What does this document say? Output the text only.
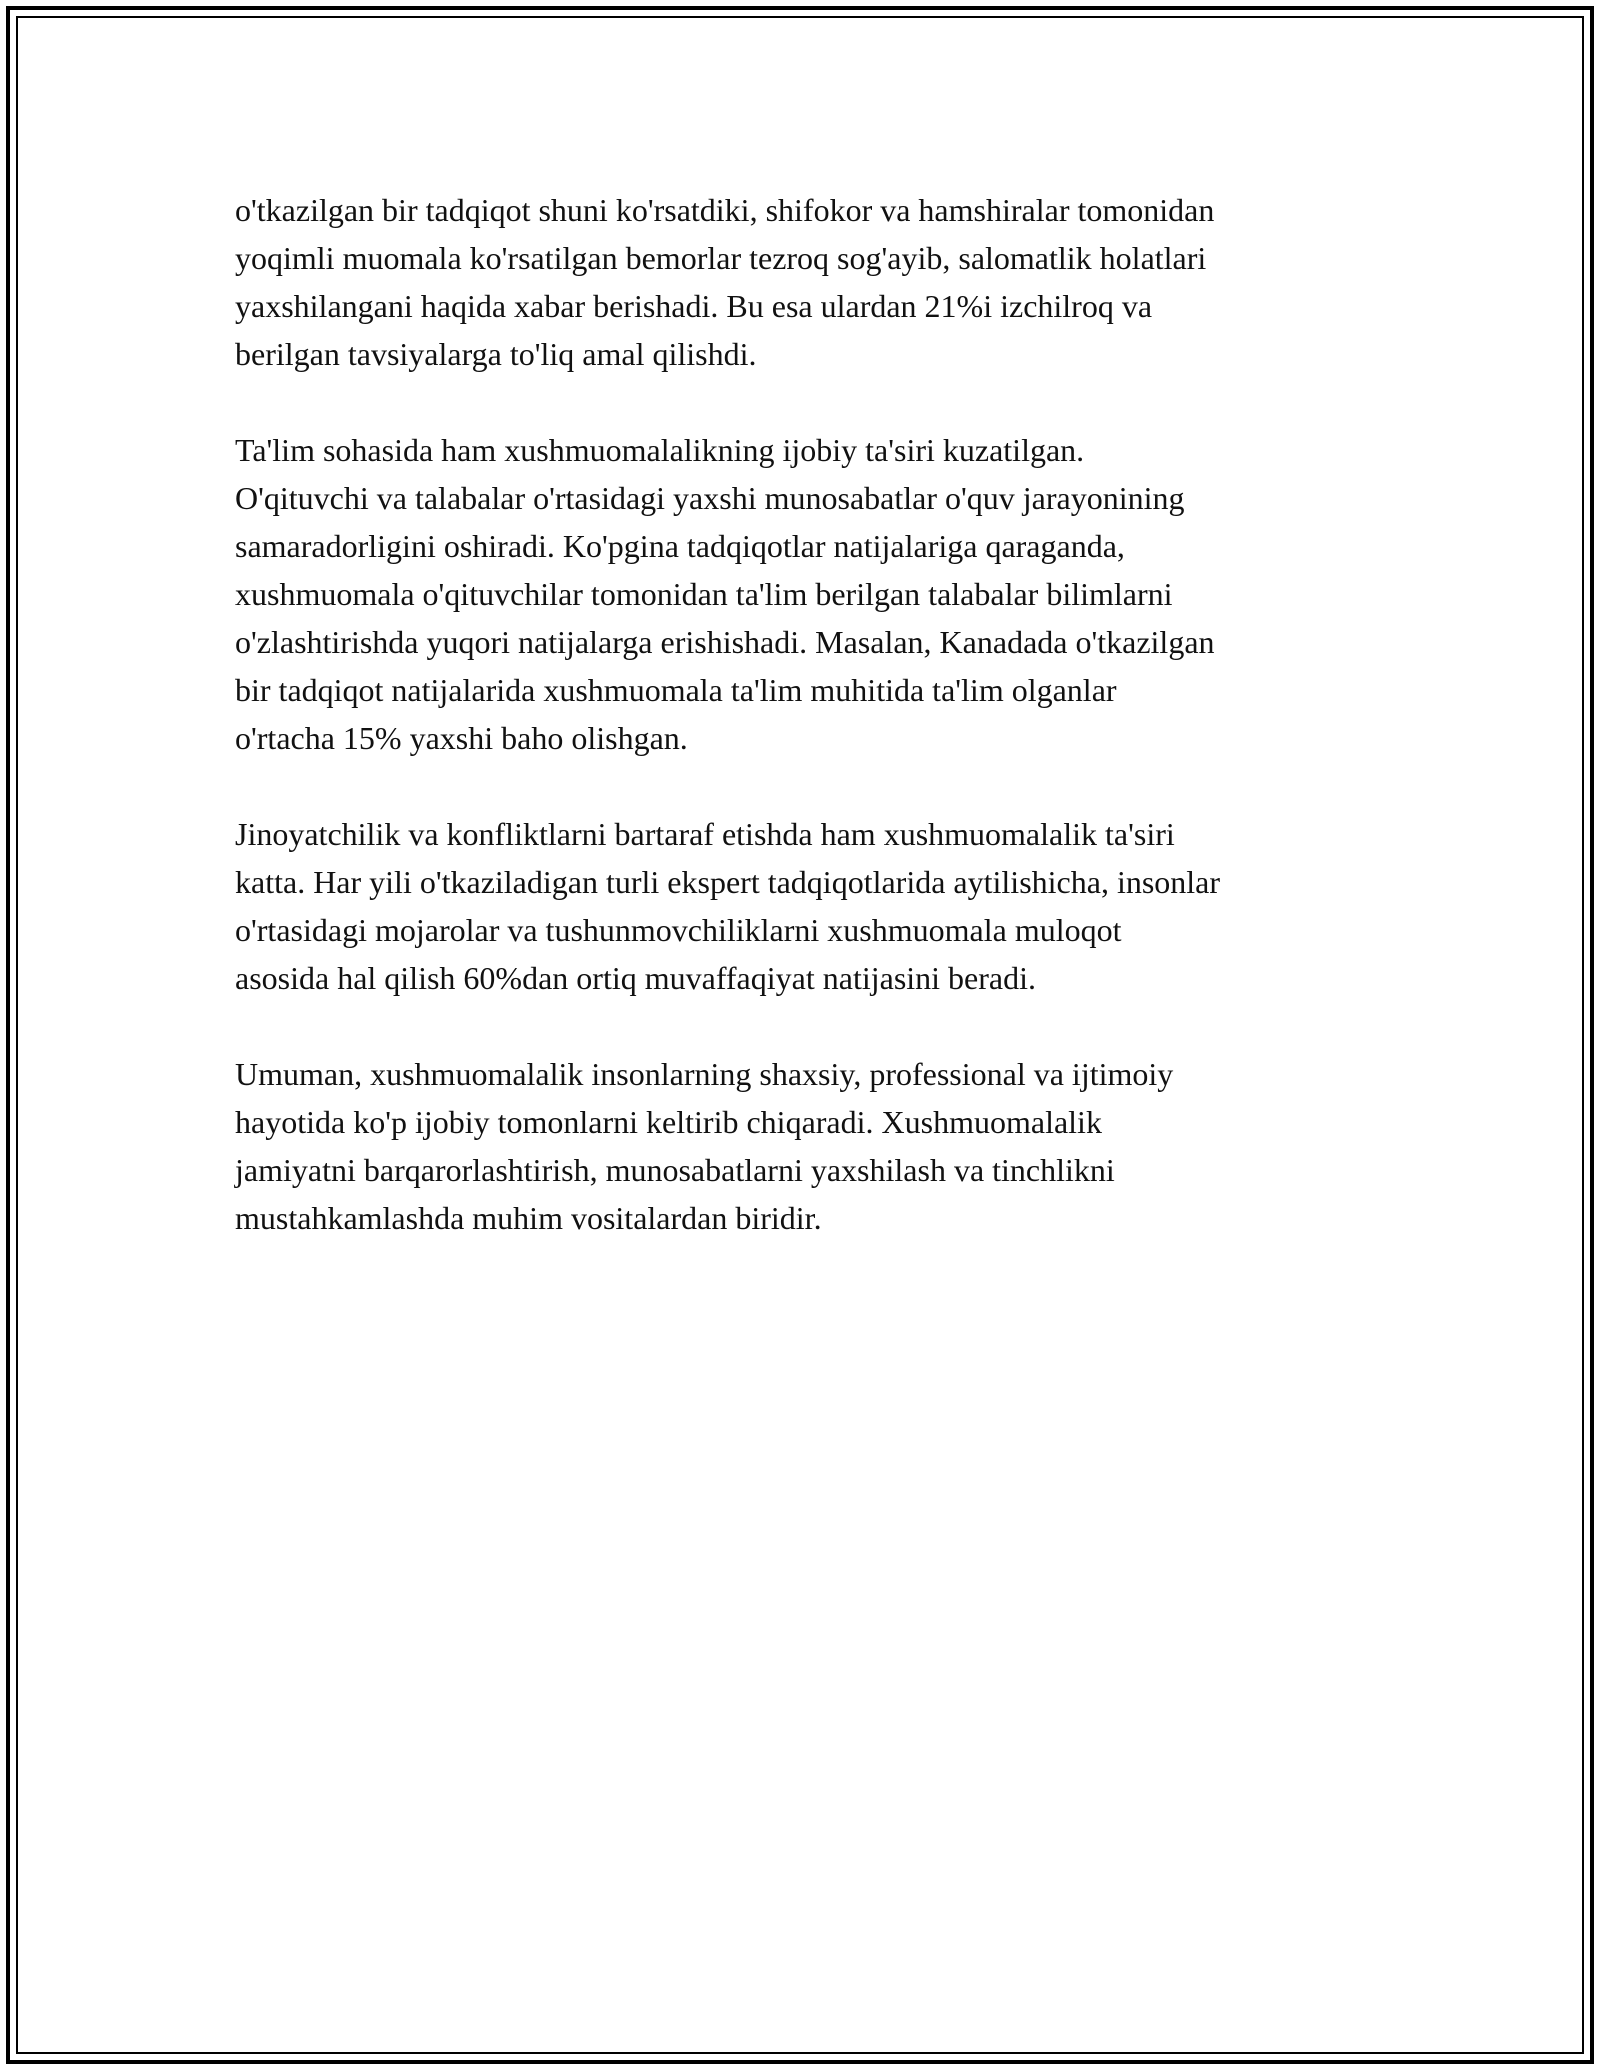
o'tkazilgan bir tadqiqot shuni ko'rsatdiki, shifokor va hamshiralar tomonidan
yoqimli muomala ko'rsatilgan bemorlar tezroq sog'ayib, salomatlik holatlari
yaxshilangani haqida xabar berishadi. Bu esa ulardan 21%i izchilroq va
berilgan tavsiyalarga to'liq amal qilishdi.

Ta'lim sohasida ham xushmuomalalikning ijobiy ta'siri kuzatilgan.
O'qituvchi va talabalar o'rtasidagi yaxshi munosabatlar o'quv jarayonining
samaradorligini oshiradi. Ko'pgina tadqiqotlar natijalariga qaraganda,
xushmuomala o'qituvchilar tomonidan ta'lim berilgan talabalar bilimlarni
o'zlashtirishda yuqori natijalarga erishishadi. Masalan, Kanadada o'tkazilgan
bir tadqiqot natijalarida xushmuomala ta'lim muhitida ta'lim olganlar
o'rtacha 15% yaxshi baho olishgan.

Jinoyatchilik va konfliktlarni bartaraf etishda ham xushmuomalalik ta'siri
katta. Har yili o'tkaziladigan turli ekspert tadqiqotlarida aytilishicha, insonlar
o'rtasidagi mojarolar va tushunmovchiliklarni xushmuomala muloqot
asosida hal qilish 60%dan ortiq muvaffaqiyat natijasini beradi.

Umuman, xushmuomalalik insonlarning shaxsiy, professional va ijtimoiy
hayotida ko'p ijobiy tomonlarni keltirib chiqaradi. Xushmuomalalik
jamiyatni barqarorlashtirish, munosabatlarni yaxshilash va tinchlikni
mustahkamlashda muhim vositalardan biridir.
